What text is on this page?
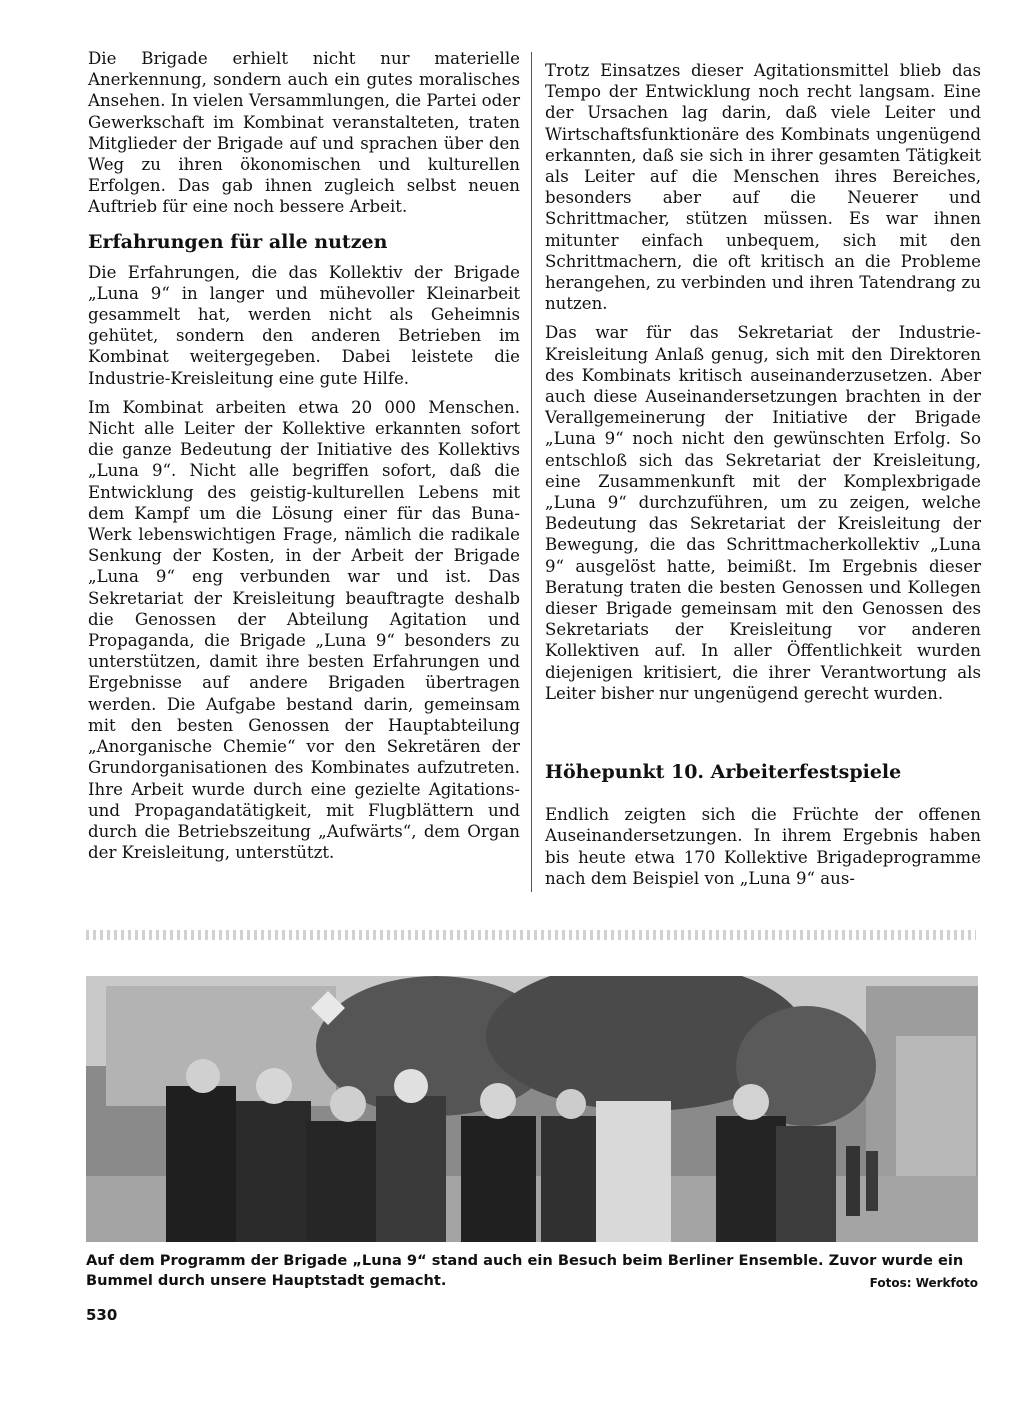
Die Brigade erhielt nicht nur materielle Anerkennung, sondern auch ein gutes moralisches Ansehen. In vielen Versammlungen, die Partei oder Gewerkschaft im Kombinat veranstalteten, traten Mitglieder der Brigade auf und sprachen über den Weg zu ihren ökonomischen und kulturellen Erfolgen. Das gab ihnen zugleich selbst neuen Auftrieb für eine noch bessere Arbeit.

Erfahrungen für alle nutzen

Die Erfahrungen, die das Kollektiv der Brigade „Luna 9“ in langer und mühevoller Kleinarbeit gesammelt hat, werden nicht als Geheimnis gehütet, sondern den anderen Betrieben im Kombinat weitergegeben. Dabei leistete die Industrie-Kreisleitung eine gute Hilfe.

Im Kombinat arbeiten etwa 20 000 Menschen. Nicht alle Leiter der Kollektive erkannten sofort die ganze Bedeutung der Initiative des Kollektivs „Luna 9“. Nicht alle begriffen sofort, daß die Entwicklung des geistig-kulturellen Lebens mit dem Kampf um die Lösung einer für das Buna-Werk lebenswichtigen Frage, nämlich die radikale Senkung der Kosten, in der Arbeit der Brigade „Luna 9“ eng verbunden war und ist. Das Sekretariat der Kreisleitung beauftragte deshalb die Genossen der Abteilung Agitation und Propaganda, die Brigade „Luna 9“ besonders zu unterstützen, damit ihre besten Erfahrungen und Ergebnisse auf andere Brigaden übertragen werden. Die Aufgabe bestand darin, gemeinsam mit den besten Genossen der Hauptabteilung „Anorganische Chemie“ vor den Sekretären der Grundorganisationen des Kombinates aufzutreten. Ihre Arbeit wurde durch eine gezielte Agitations- und Propagandatätigkeit, mit Flugblättern und durch die Betriebszeitung „Aufwärts“, dem Organ der Kreisleitung, unterstützt.

Trotz Einsatzes dieser Agitationsmittel blieb das Tempo der Entwicklung noch recht langsam. Eine der Ursachen lag darin, daß viele Leiter und Wirtschaftsfunktionäre des Kombinats ungenügend erkannten, daß sie sich in ihrer gesamten Tätigkeit als Leiter auf die Menschen ihres Bereiches, besonders aber auf die Neuerer und Schrittmacher, stützen müssen. Es war ihnen mitunter einfach unbequem, sich mit den Schrittmachern, die oft kritisch an die Probleme herangehen, zu verbinden und ihren Tatendrang zu nutzen.

Das war für das Sekretariat der Industrie-Kreisleitung Anlaß genug, sich mit den Direktoren des Kombinats kritisch auseinanderzusetzen. Aber auch diese Auseinandersetzungen brachten in der Verallgemeinerung der Initiative der Brigade „Luna 9“ noch nicht den gewünschten Erfolg. So entschloß sich das Sekretariat der Kreisleitung, eine Zusammenkunft mit der Komplexbrigade „Luna 9“ durchzuführen, um zu zeigen, welche Bedeutung das Sekretariat der Kreisleitung der Bewegung, die das Schrittmacherkollektiv „Luna 9“ ausgelöst hatte, beimißt. Im Ergebnis dieser Beratung traten die besten Genossen und Kollegen dieser Brigade gemeinsam mit den Genossen des Sekretariats der Kreisleitung vor anderen Kollektiven auf. In aller Öffentlichkeit wurden diejenigen kritisiert, die ihrer Verantwortung als Leiter bisher nur ungenügend gerecht wurden.

Höhepunkt 10. Arbeiterfestspiele

Endlich zeigten sich die Früchte der offenen Auseinandersetzungen. In ihrem Ergebnis haben bis heute etwa 170 Kollektive Brigadeprogramme nach dem Beispiel von „Luna 9“ aus-

Auf dem Programm der Brigade „Luna 9“ stand auch ein Besuch beim Berliner Ensemble. Zuvor wurde ein Bummel durch unsere Hauptstadt gemacht.	Fotos: Werkfoto
530
